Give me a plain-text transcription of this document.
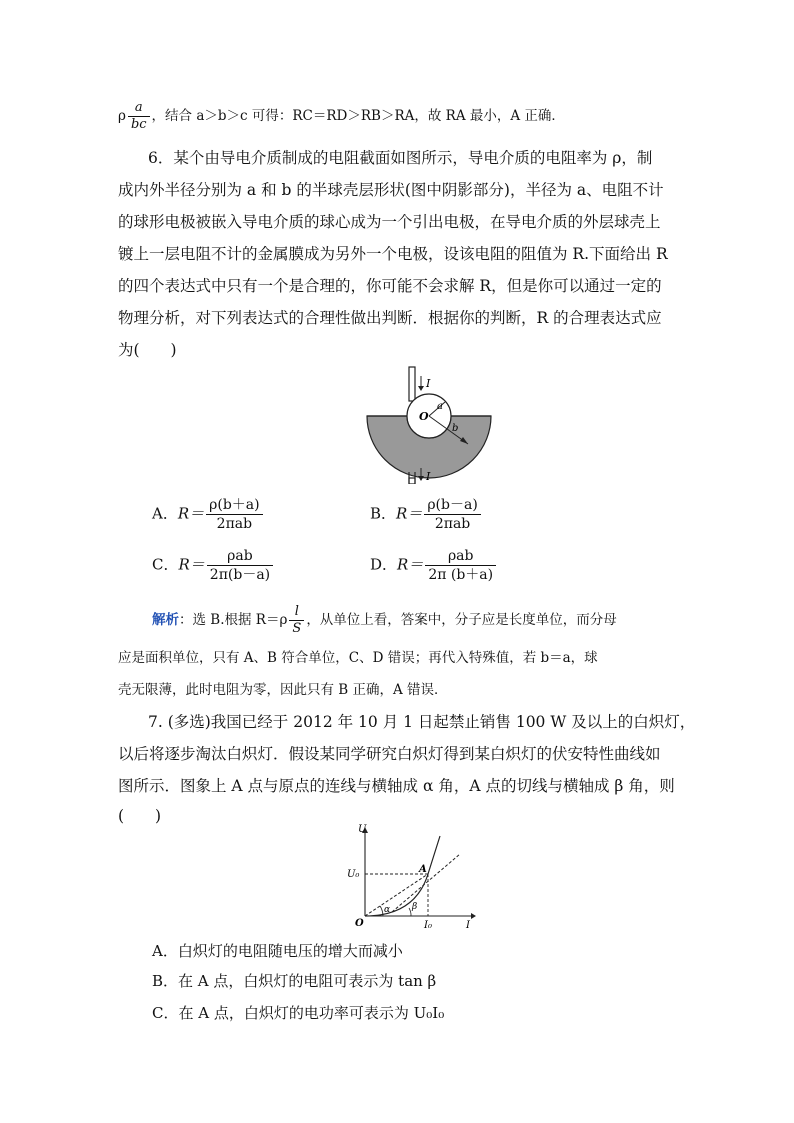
ρ $\frac{a}{bc}$ ，结合 a＞b＞c 可得：RC＝RD＞RB＞RA，故 RA 最小，A 正确．
6．某个由导电介质制成的电阻截面如图所示，导电介质的电阻率为 ρ，制
成内外半径分别为 a 和 b 的半球壳层形状(图中阴影部分)，半径为 a、电阻不计
的球形电极被嵌入导电介质的球心成为一个引出电极，在导电介质的外层球壳上
镀上一层电阻不计的金属膜成为另外一个电极，设该电阻的阻值为 R.下面给出 R
的四个表达式中只有一个是合理的，你可能不会求解 R，但是你可以通过一定的
物理分析，对下列表达式的合理性做出判断．根据你的判断，R 的合理表达式应
为(　　)
I
I
O
a
b
A．$R= \frac{\rho(b+a)}{\text{2πab}}$	B．$R= \frac{\rho(b-a)}{\text{2πab}}$
C．$R= \frac{\text{ρab}}{2\pi(b-a)}$	D．$R= \frac{\text{ρab}}{2\pi (b+a)}$
解析：选 B.根据 $R=\rho \frac{l}{S}$ ，从单位上看，答案中，分子应是长度单位，而分母
应是面积单位，只有 A、B 符合单位，C、D 错误；再代入特殊值，若 b＝a，球
壳无限薄，此时电阻为零，因此只有 B 正确，A 错误．
7. (多选)我国已经于 2012 年 10 月 1 日起禁止销售 100 W 及以上的白炽灯，
以后将逐步淘汰白炽灯．假设某同学研究白炽灯得到某白炽灯的伏安特性曲线如
图所示．图象上 A 点与原点的连线与横轴成 α 角，A 点的切线与横轴成 β 角，则
(　　)
U
I
U₀
I₀
O
A
α β
A．白炽灯的电阻随电压的增大而减小
B．在 A 点，白炽灯的电阻可表示为 tan β
C．在 A 点，白炽灯的电功率可表示为 U₀I₀
